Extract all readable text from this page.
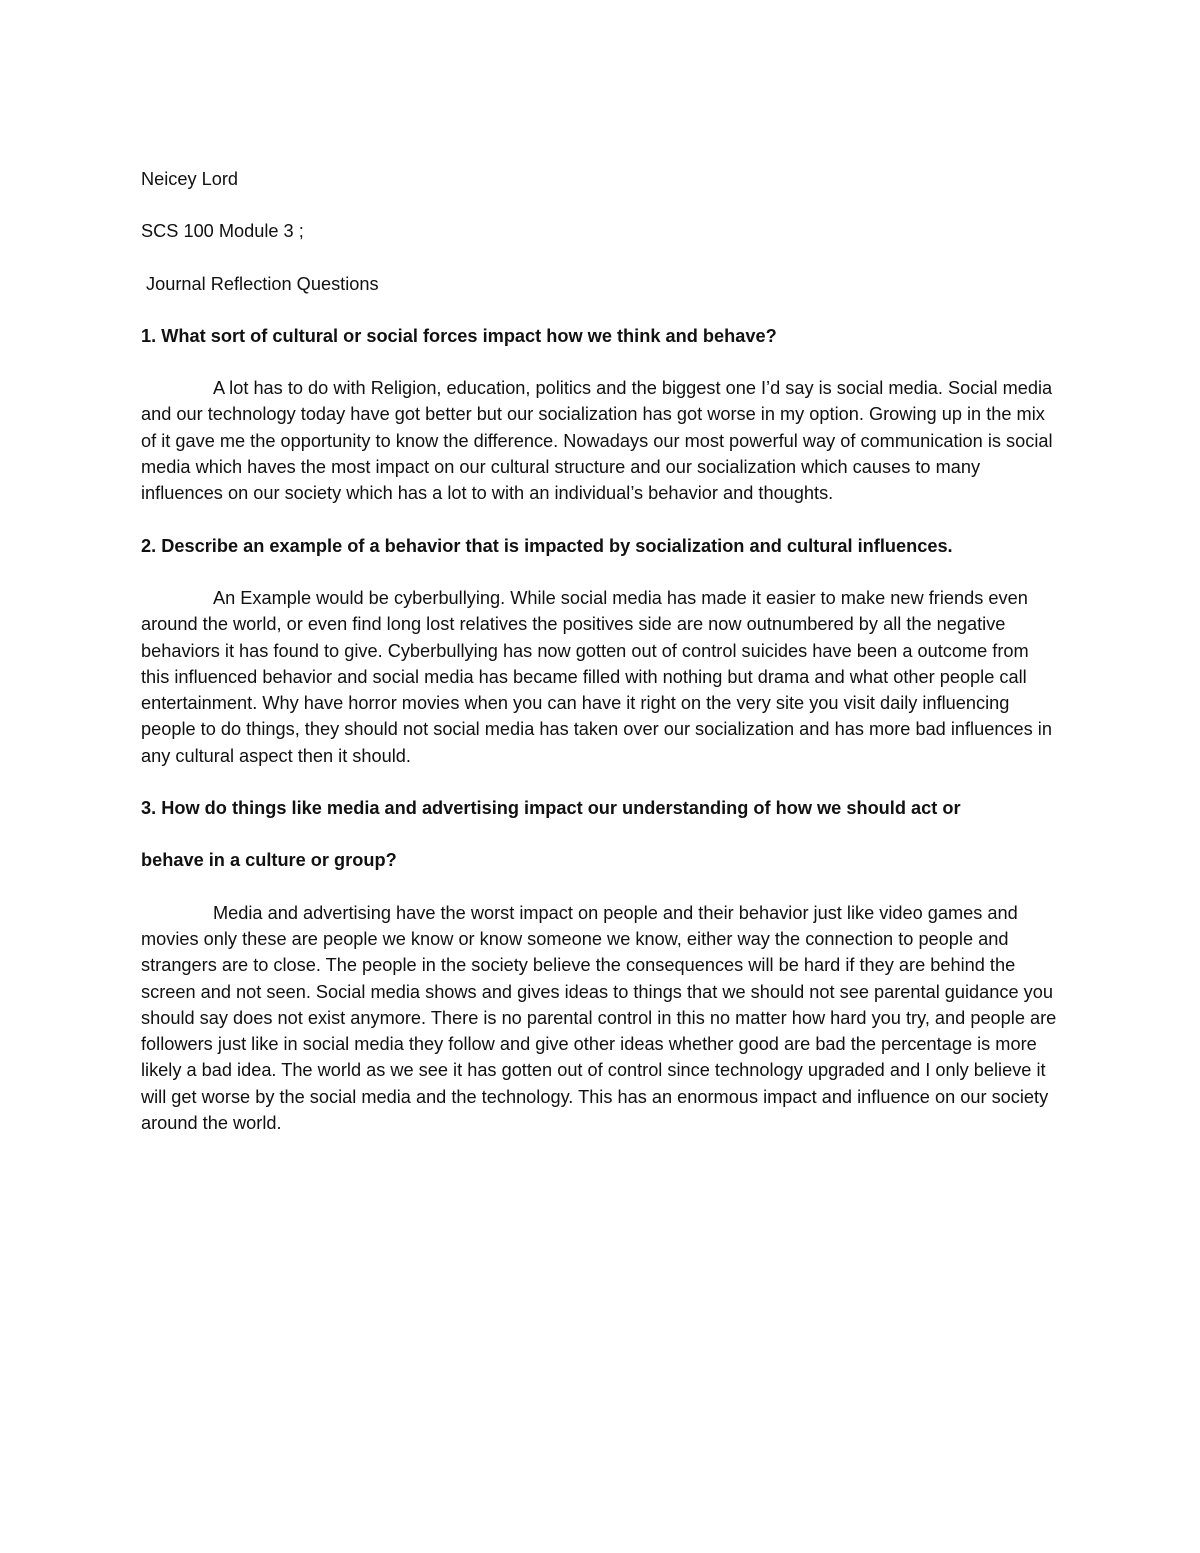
Neicey Lord

SCS 100 Module 3 ;

Journal Reflection Questions

1. What sort of cultural or social forces impact how we think and behave?

A lot has to do with Religion, education, politics and the biggest one I’d say is social media. Social media and our technology today have got better but our socialization has got worse in my option. Growing up in the mix of it gave me the opportunity to know the difference. Nowadays our most powerful way of communication is social media which haves the most impact on our cultural structure and our socialization which causes to many influences on our society which has a lot to with an individual’s behavior and thoughts.

2. Describe an example of a behavior that is impacted by socialization and cultural influences.

An Example would be cyberbullying. While social media has made it easier to make new friends even around the world, or even find long lost relatives the positives side are now outnumbered by all the negative behaviors it has found to give. Cyberbullying has now gotten out of control suicides have been a outcome from this influenced behavior and social media has became filled with nothing but drama and what other people call entertainment. Why have horror movies when you can have it right on the very site you visit daily influencing people to do things, they should not social media has taken over our socialization and has more bad influences in any cultural aspect then it should.

3. How do things like media and advertising impact our understanding of how we should act or

behave in a culture or group?

Media and advertising have the worst impact on people and their behavior just like video games and movies only these are people we know or know someone we know, either way the connection to people and strangers are to close. The people in the society believe the consequences will be hard if they are behind the screen and not seen. Social media shows and gives ideas to things that we should not see parental guidance you should say does not exist anymore. There is no parental control in this no matter how hard you try, and people are followers just like in social media they follow and give other ideas whether good are bad the percentage is more likely a bad idea. The world as we see it has gotten out of control since technology upgraded and I only believe it will get worse by the social media and the technology. This has an enormous impact and influence on our society around the world.
